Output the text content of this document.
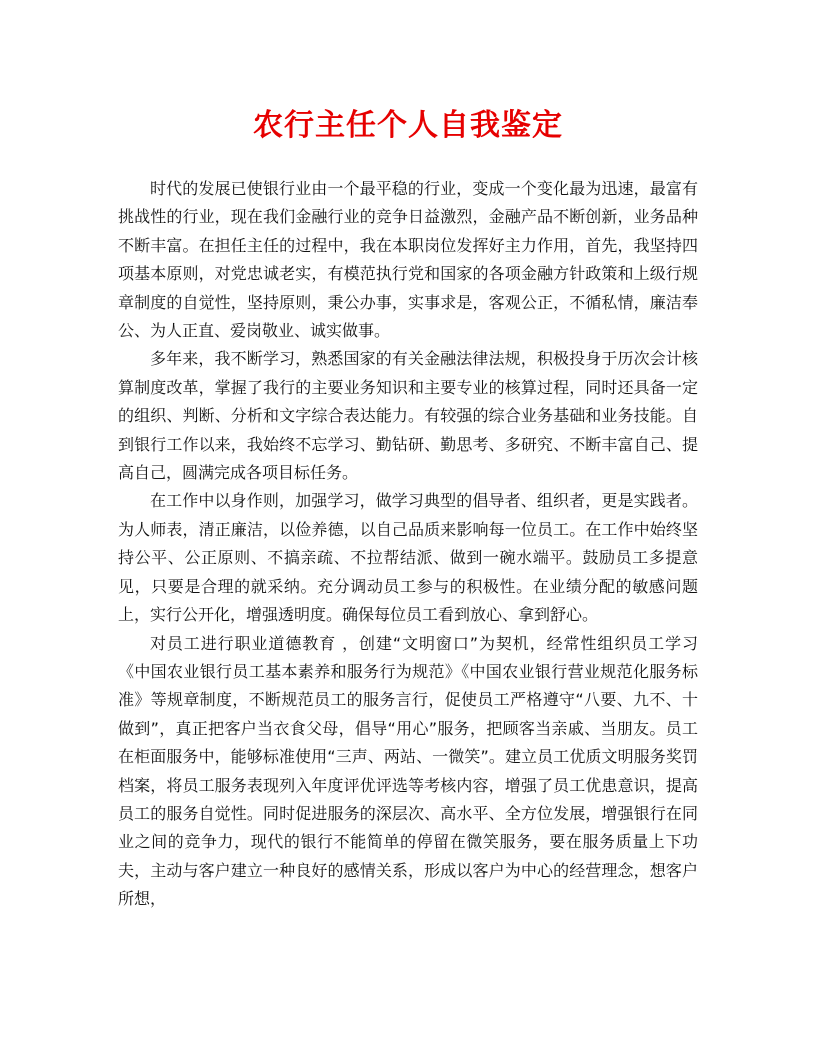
农行主任个人自我鉴定

时代的发展已使银行业由一个最平稳的行业，变成一个变化最为迅速，最富有挑战性的行业，现在我们金融行业的竞争日益激烈，金融产品不断创新，业务品种不断丰富。在担任主任的过程中，我在本职岗位发挥好主力作用，首先，我坚持四项基本原则，对党忠诚老实，有模范执行党和国家的各项金融方针政策和上级行规章制度的自觉性，坚持原则，秉公办事，实事求是，客观公正，不循私情，廉洁奉公、为人正直、爱岗敬业、诚实做事。

多年来，我不断学习，熟悉国家的有关金融法律法规，积极投身于历次会计核算制度改革，掌握了我行的主要业务知识和主要专业的核算过程，同时还具备一定的组织、判断、分析和文字综合表达能力。有较强的综合业务基础和业务技能。自到银行工作以来，我始终不忘学习、勤钻研、勤思考、多研究、不断丰富自己、提高自己，圆满完成各项目标任务。

在工作中以身作则，加强学习，做学习典型的倡导者、组织者，更是实践者。为人师表，清正廉洁，以俭养德，以自己品质来影响每一位员工。在工作中始终坚持公平、公正原则、不搞亲疏、不拉帮结派、做到一碗水端平。鼓励员工多提意见，只要是合理的就采纳。充分调动员工参与的积极性。在业绩分配的敏感问题上，实行公开化，增强透明度。确保每位员工看到放心、拿到舒心。

对员工进行职业道德教育 ，创建“文明窗口”为契机，经常性组织员工学习《中国农业银行员工基本素养和服务行为规范》《中国农业银行营业规范化服务标准》等规章制度，不断规范员工的服务言行，促使员工严格遵守“八要、九不、十做到”，真正把客户当衣食父母，倡导“用心”服务，把顾客当亲戚、当朋友。员工在柜面服务中，能够标准使用“三声、两站、一微笑”。建立员工优质文明服务奖罚档案，将员工服务表现列入年度评优评选等考核内容，增强了员工优患意识，提高员工的服务自觉性。同时促进服务的深层次、高水平、全方位发展，增强银行在同业之间的竞争力，现代的银行不能简单的停留在微笑服务，要在服务质量上下功夫，主动与客户建立一种良好的感情关系，形成以客户为中心的经营理念，想客户所想，
